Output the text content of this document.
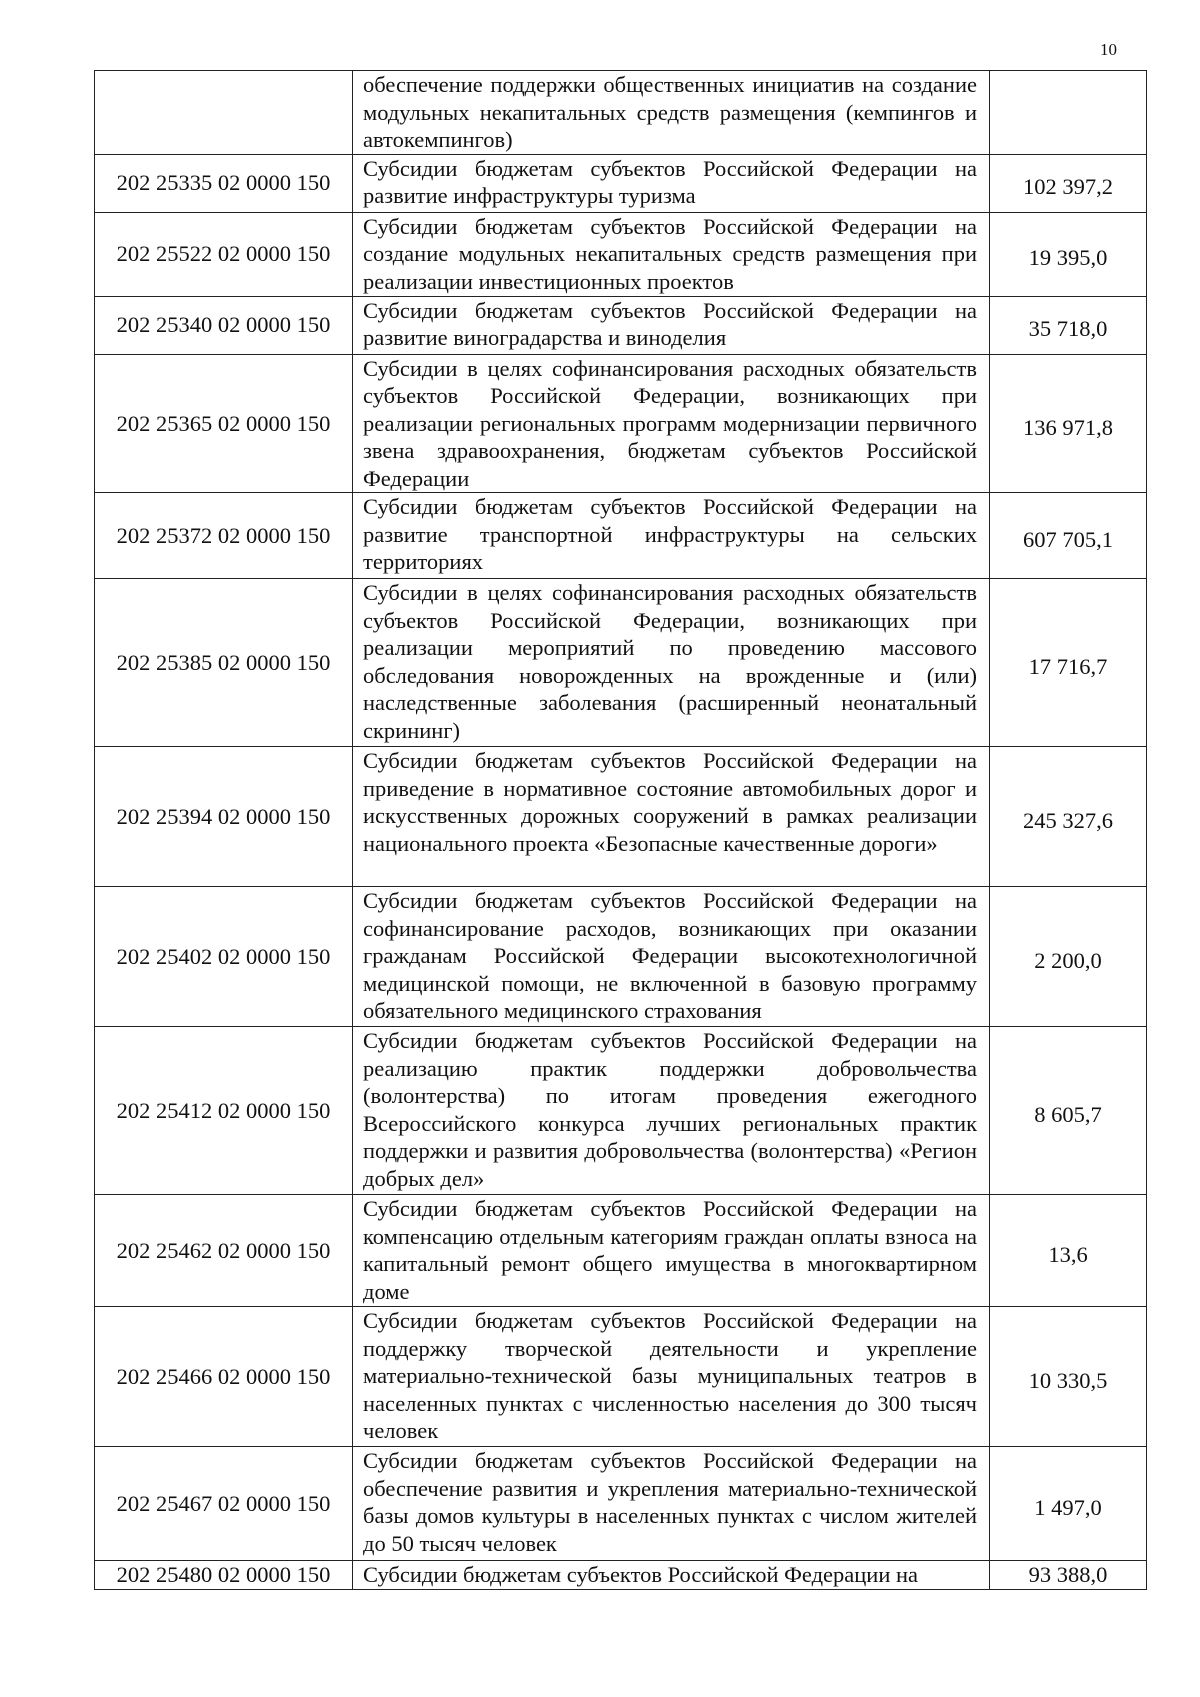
10
	обеспечение поддержки общественных инициатив на создание модульных некапитальных средств размещения (кемпингов и автокемпингов)	
202 25335 02 0000 150	Субсидии бюджетам субъектов Российской Федерации на развитие инфраструктуры туризма	102 397,2
202 25522 02 0000 150	Субсидии бюджетам субъектов Российской Федерации на создание модульных некапитальных средств размещения при реализации инвестиционных проектов	19 395,0
202 25340 02 0000 150	Субсидии бюджетам субъектов Российской Федерации на развитие виноградарства и виноделия	35 718,0
202 25365 02 0000 150	Субсидии в целях софинансирования расходных обязательств субъектов Российской Федерации, возникающих при реализации региональных программ модернизации первичного звена здравоохранения, бюджетам субъектов Российской Федерации	136 971,8
202 25372 02 0000 150	Субсидии бюджетам субъектов Российской Федерации на развитие транспортной инфраструктуры на сельских территориях	607 705,1
202 25385 02 0000 150	Субсидии в целях софинансирования расходных обязательств субъектов Российской Федерации, возникающих при реализации мероприятий по проведению массового обследования новорожденных на врожденные и (или) наследственные заболевания (расширенный неонатальный скрининг)	17 716,7
202 25394 02 0000 150	Субсидии бюджетам субъектов Российской Федерации на приведение в нормативное состояние автомобильных дорог и искусственных дорожных сооружений в рамках реализации национального проекта «Безопасные качественные дороги»	245 327,6
202 25402 02 0000 150	Субсидии бюджетам субъектов Российской Федерации на софинансирование расходов, возникающих при оказании гражданам Российской Федерации высокотехнологичной медицинской помощи, не включенной в базовую программу обязательного медицинского страхования	2 200,0
202 25412 02 0000 150	Субсидии бюджетам субъектов Российской Федерации на реализацию практик поддержки добровольчества (волонтерства) по итогам проведения ежегодного Всероссийского конкурса лучших региональных практик поддержки и развития добровольчества (волонтерства) «Регион добрых дел»	8 605,7
202 25462 02 0000 150	Субсидии бюджетам субъектов Российской Федерации на компенсацию отдельным категориям граждан оплаты взноса на капитальный ремонт общего имущества в многоквартирном доме	13,6
202 25466 02 0000 150	Субсидии бюджетам субъектов Российской Федерации на поддержку творческой деятельности и укрепление материально-технической базы муниципальных театров в населенных пунктах с численностью населения до 300 тысяч человек	10 330,5
202 25467 02 0000 150	Субсидии бюджетам субъектов Российской Федерации на обеспечение развития и укрепления материально-технической базы домов культуры в населенных пунктах с числом жителей до 50 тысяч человек	1 497,0
202 25480 02 0000 150	Субсидии бюджетам субъектов Российской Федерации на	93 388,0
